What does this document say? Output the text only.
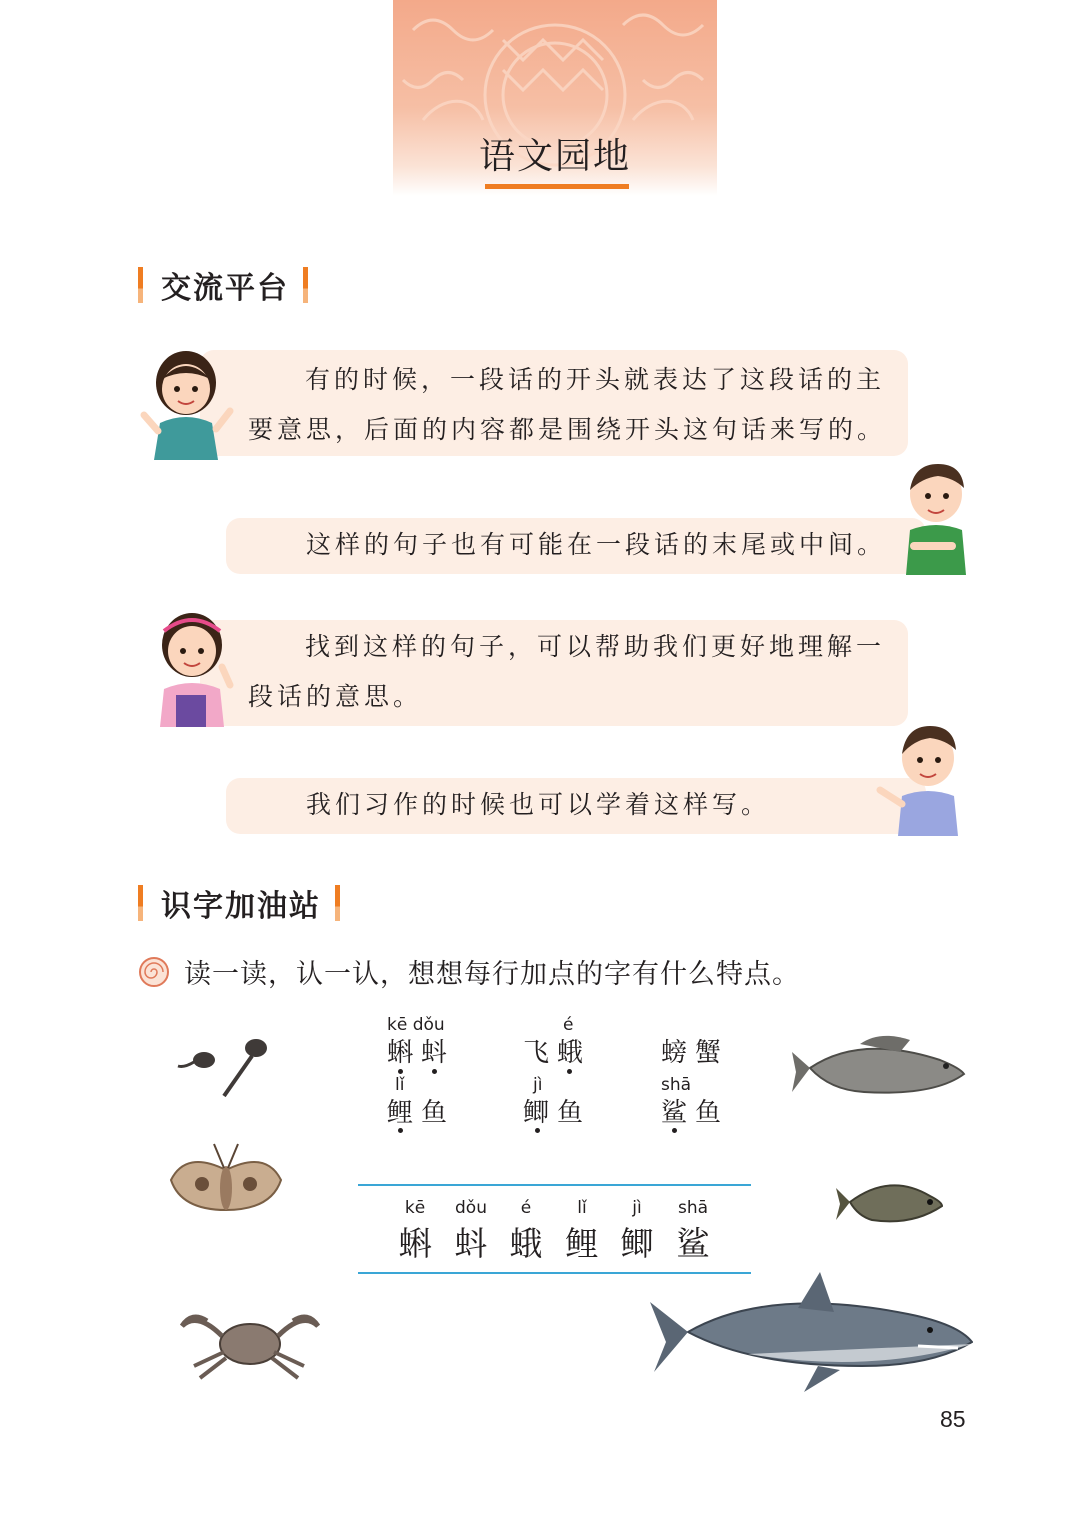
语文园地
交流平台

有的时候，一段话的开头就表达了这段话的主

要意思，后面的内容都是围绕开头这句话来写的。

这样的句子也有可能在一段话的末尾或中间。

找到这样的句子，可以帮助我们更好地理解一

段话的意思。

我们习作的时候也可以学着这样写。

识字加油站
读一读，认一认，想想每行加点的字有什么特点。
kē dǒu
蝌蚪
é
飞蛾	螃蟹
lǐ
鲤鱼
jì
鲫鱼
shā
鲨鱼
kē
蝌
dǒu
蚪
é
蛾
lǐ
鲤
jì
鲫
shā
鲨
85
